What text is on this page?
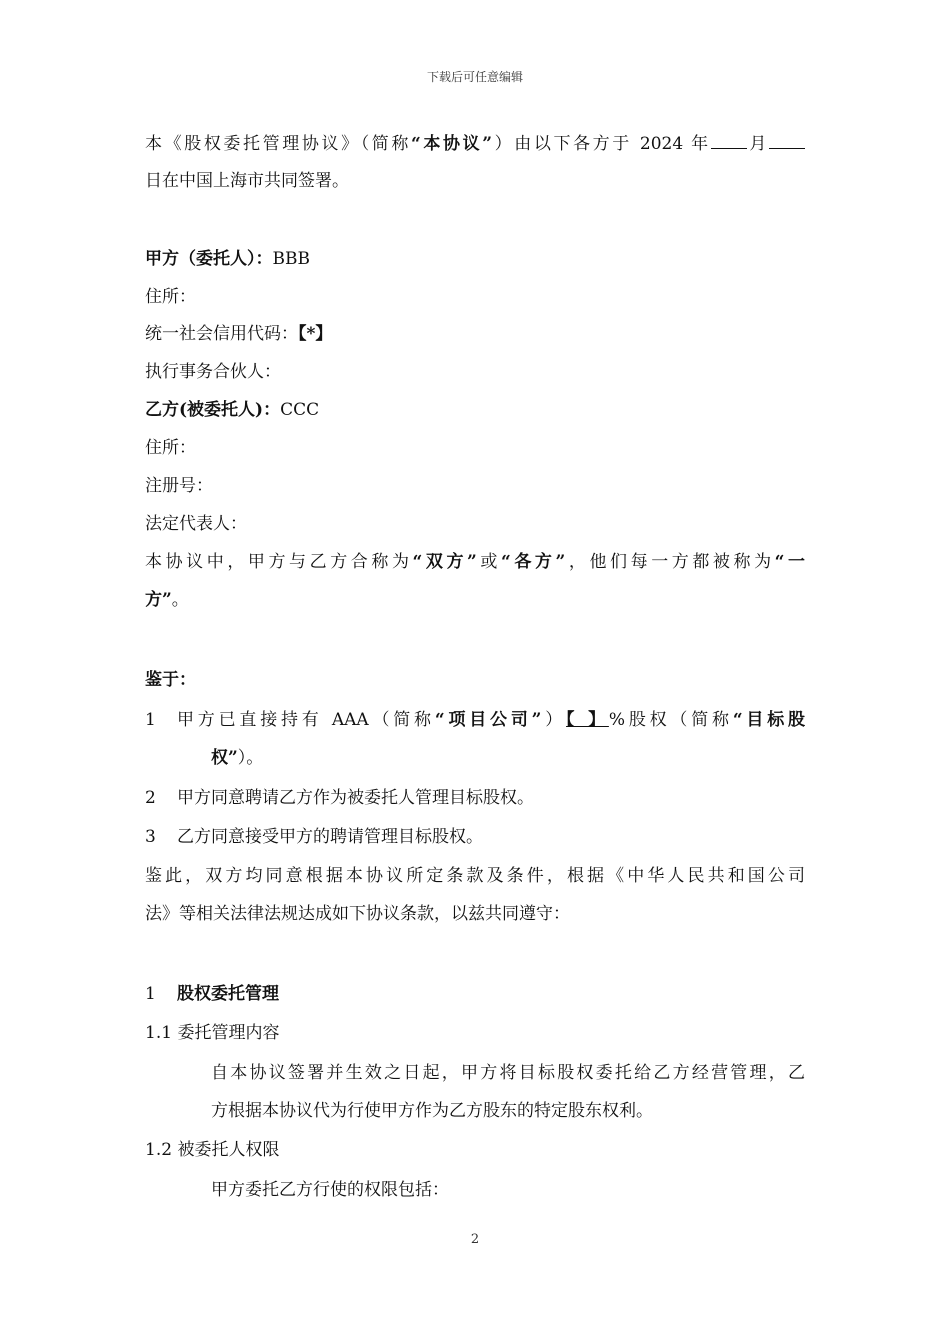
下载后可任意编辑
本《股权委托管理协议》（简称“本协议”）由以下各方于 2024 年 月
日在中国上海市共同签署。
甲方（委托人）：BBB
住所：
统一社会信用代码：【*】
执行事务合伙人：
乙方(被委托人)：CCC
住所：
注册号：
法定代表人：
本协议中，甲方与乙方合称为“双方”或“各方”，他们每一方都被称为“一
方”。
鉴于：
1 甲方已直接持有 AAA（简称“项目公司”）【 】%股权（简称“目标股
权”）。
2 甲方同意聘请乙方作为被委托人管理目标股权。
3 乙方同意接受甲方的聘请管理目标股权。
鉴此，双方均同意根据本协议所定条款及条件，根据《中华人民共和国公司
法》等相关法律法规达成如下协议条款，以兹共同遵守：
1 股权委托管理
1.1 委托管理内容
自本协议签署并生效之日起，甲方将目标股权委托给乙方经营管理，乙
方根据本协议代为行使甲方作为乙方股东的特定股东权利。
1.2 被委托人权限
甲方委托乙方行使的权限包括：
2
